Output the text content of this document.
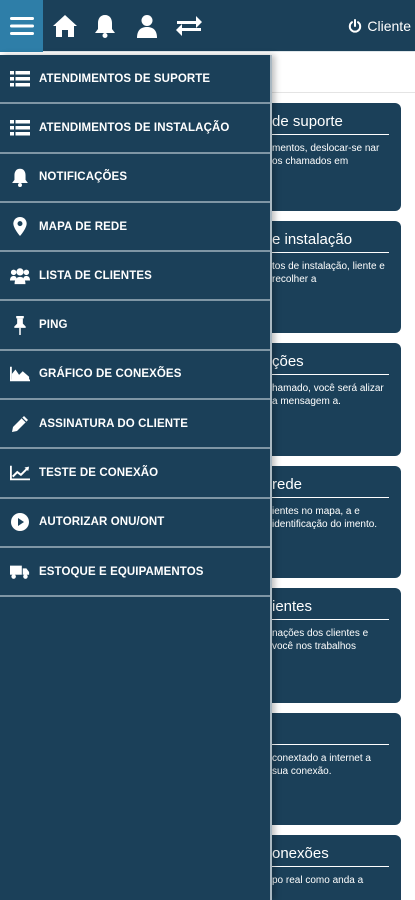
de suporte
mentos, deslocar-se nar os chamados em
e instalação
tos de instalação, liente e recolher a
ções
hamado, você será alizar a mensagem a.
rede
ientes no mapa, a e identificação do imento.
ientes
nações dos clientes e você nos trabalhos
conextado a internet a sua conexão.
onexões
po real como anda a
Cliente
ATENDIMENTOS DE SUPORTE
ATENDIMENTOS DE INSTALAÇÃO
NOTIFICAÇÕES
MAPA DE REDE
LISTA DE CLIENTES
PING
GRÁFICO DE CONEXÕES
ASSINATURA DO CLIENTE
TESTE DE CONEXÃO
AUTORIZAR ONU/ONT
ESTOQUE E EQUIPAMENTOS
